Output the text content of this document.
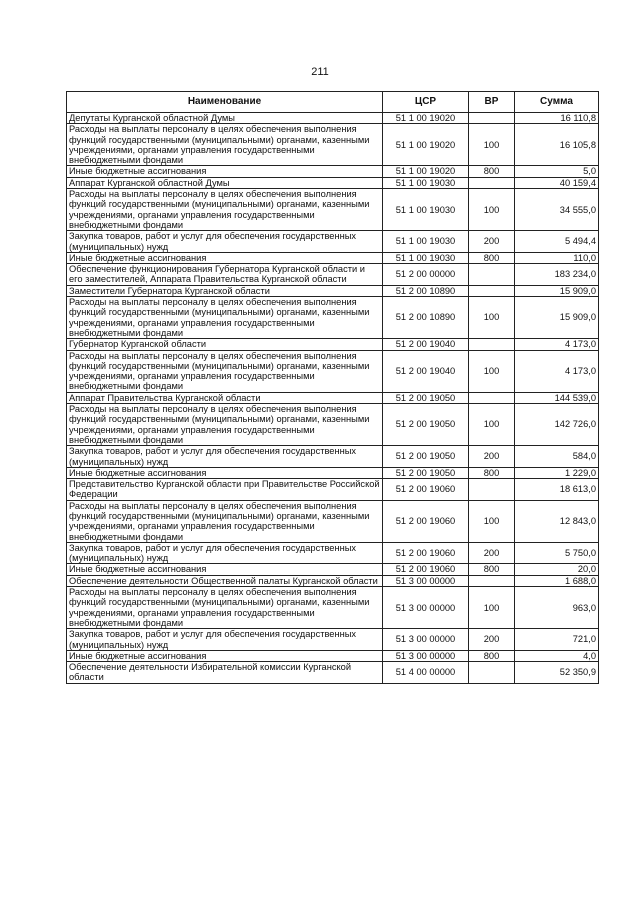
211
Наименование	ЦСР	ВР	Сумма
Депутаты Курганской областной Думы	51 1 00 19020		16 110,8
Расходы на выплаты персоналу в целях обеспечения выполнения функций государственными (муниципальными) органами, казенными учреждениями, органами управления государственными внебюджетными фондами	51 1 00 19020	100	16 105,8
Иные бюджетные ассигнования	51 1 00 19020	800	5,0
Аппарат Курганской областной Думы	51 1 00 19030		40 159,4
Расходы на выплаты персоналу в целях обеспечения выполнения функций государственными (муниципальными) органами, казенными учреждениями, органами управления государственными внебюджетными фондами	51 1 00 19030	100	34 555,0
Закупка товаров, работ и услуг для обеспечения государственных (муниципальных) нужд	51 1 00 19030	200	5 494,4
Иные бюджетные ассигнования	51 1 00 19030	800	110,0
Обеспечение функционирования Губернатора Курганской области и его заместителей, Аппарата Правительства Курганской области	51 2 00 00000		183 234,0
Заместители Губернатора Курганской области	51 2 00 10890		15 909,0
Расходы на выплаты персоналу в целях обеспечения выполнения функций государственными (муниципальными) органами, казенными учреждениями, органами управления государственными внебюджетными фондами	51 2 00 10890	100	15 909,0
Губернатор Курганской области	51 2 00 19040		4 173,0
Расходы на выплаты персоналу в целях обеспечения выполнения функций государственными (муниципальными) органами, казенными учреждениями, органами управления государственными внебюджетными фондами	51 2 00 19040	100	4 173,0
Аппарат Правительства Курганской области	51 2 00 19050		144 539,0
Расходы на выплаты персоналу в целях обеспечения выполнения функций государственными (муниципальными) органами, казенными учреждениями, органами управления государственными внебюджетными фондами	51 2 00 19050	100	142 726,0
Закупка товаров, работ и услуг для обеспечения государственных (муниципальных) нужд	51 2 00 19050	200	584,0
Иные бюджетные ассигнования	51 2 00 19050	800	1 229,0
Представительство Курганской области при Правительстве Российской Федерации	51 2 00 19060		18 613,0
Расходы на выплаты персоналу в целях обеспечения выполнения функций государственными (муниципальными) органами, казенными учреждениями, органами управления государственными внебюджетными фондами	51 2 00 19060	100	12 843,0
Закупка товаров, работ и услуг для обеспечения государственных (муниципальных) нужд	51 2 00 19060	200	5 750,0
Иные бюджетные ассигнования	51 2 00 19060	800	20,0
Обеспечение деятельности Общественной палаты Курганской области	51 3 00 00000		1 688,0
Расходы на выплаты персоналу в целях обеспечения выполнения функций государственными (муниципальными) органами, казенными учреждениями, органами управления государственными внебюджетными фондами	51 3 00 00000	100	963,0
Закупка товаров, работ и услуг для обеспечения государственных (муниципальных) нужд	51 3 00 00000	200	721,0
Иные бюджетные ассигнования	51 3 00 00000	800	4,0
Обеспечение деятельности Избирательной комиссии Курганской области	51 4 00 00000		52 350,9
